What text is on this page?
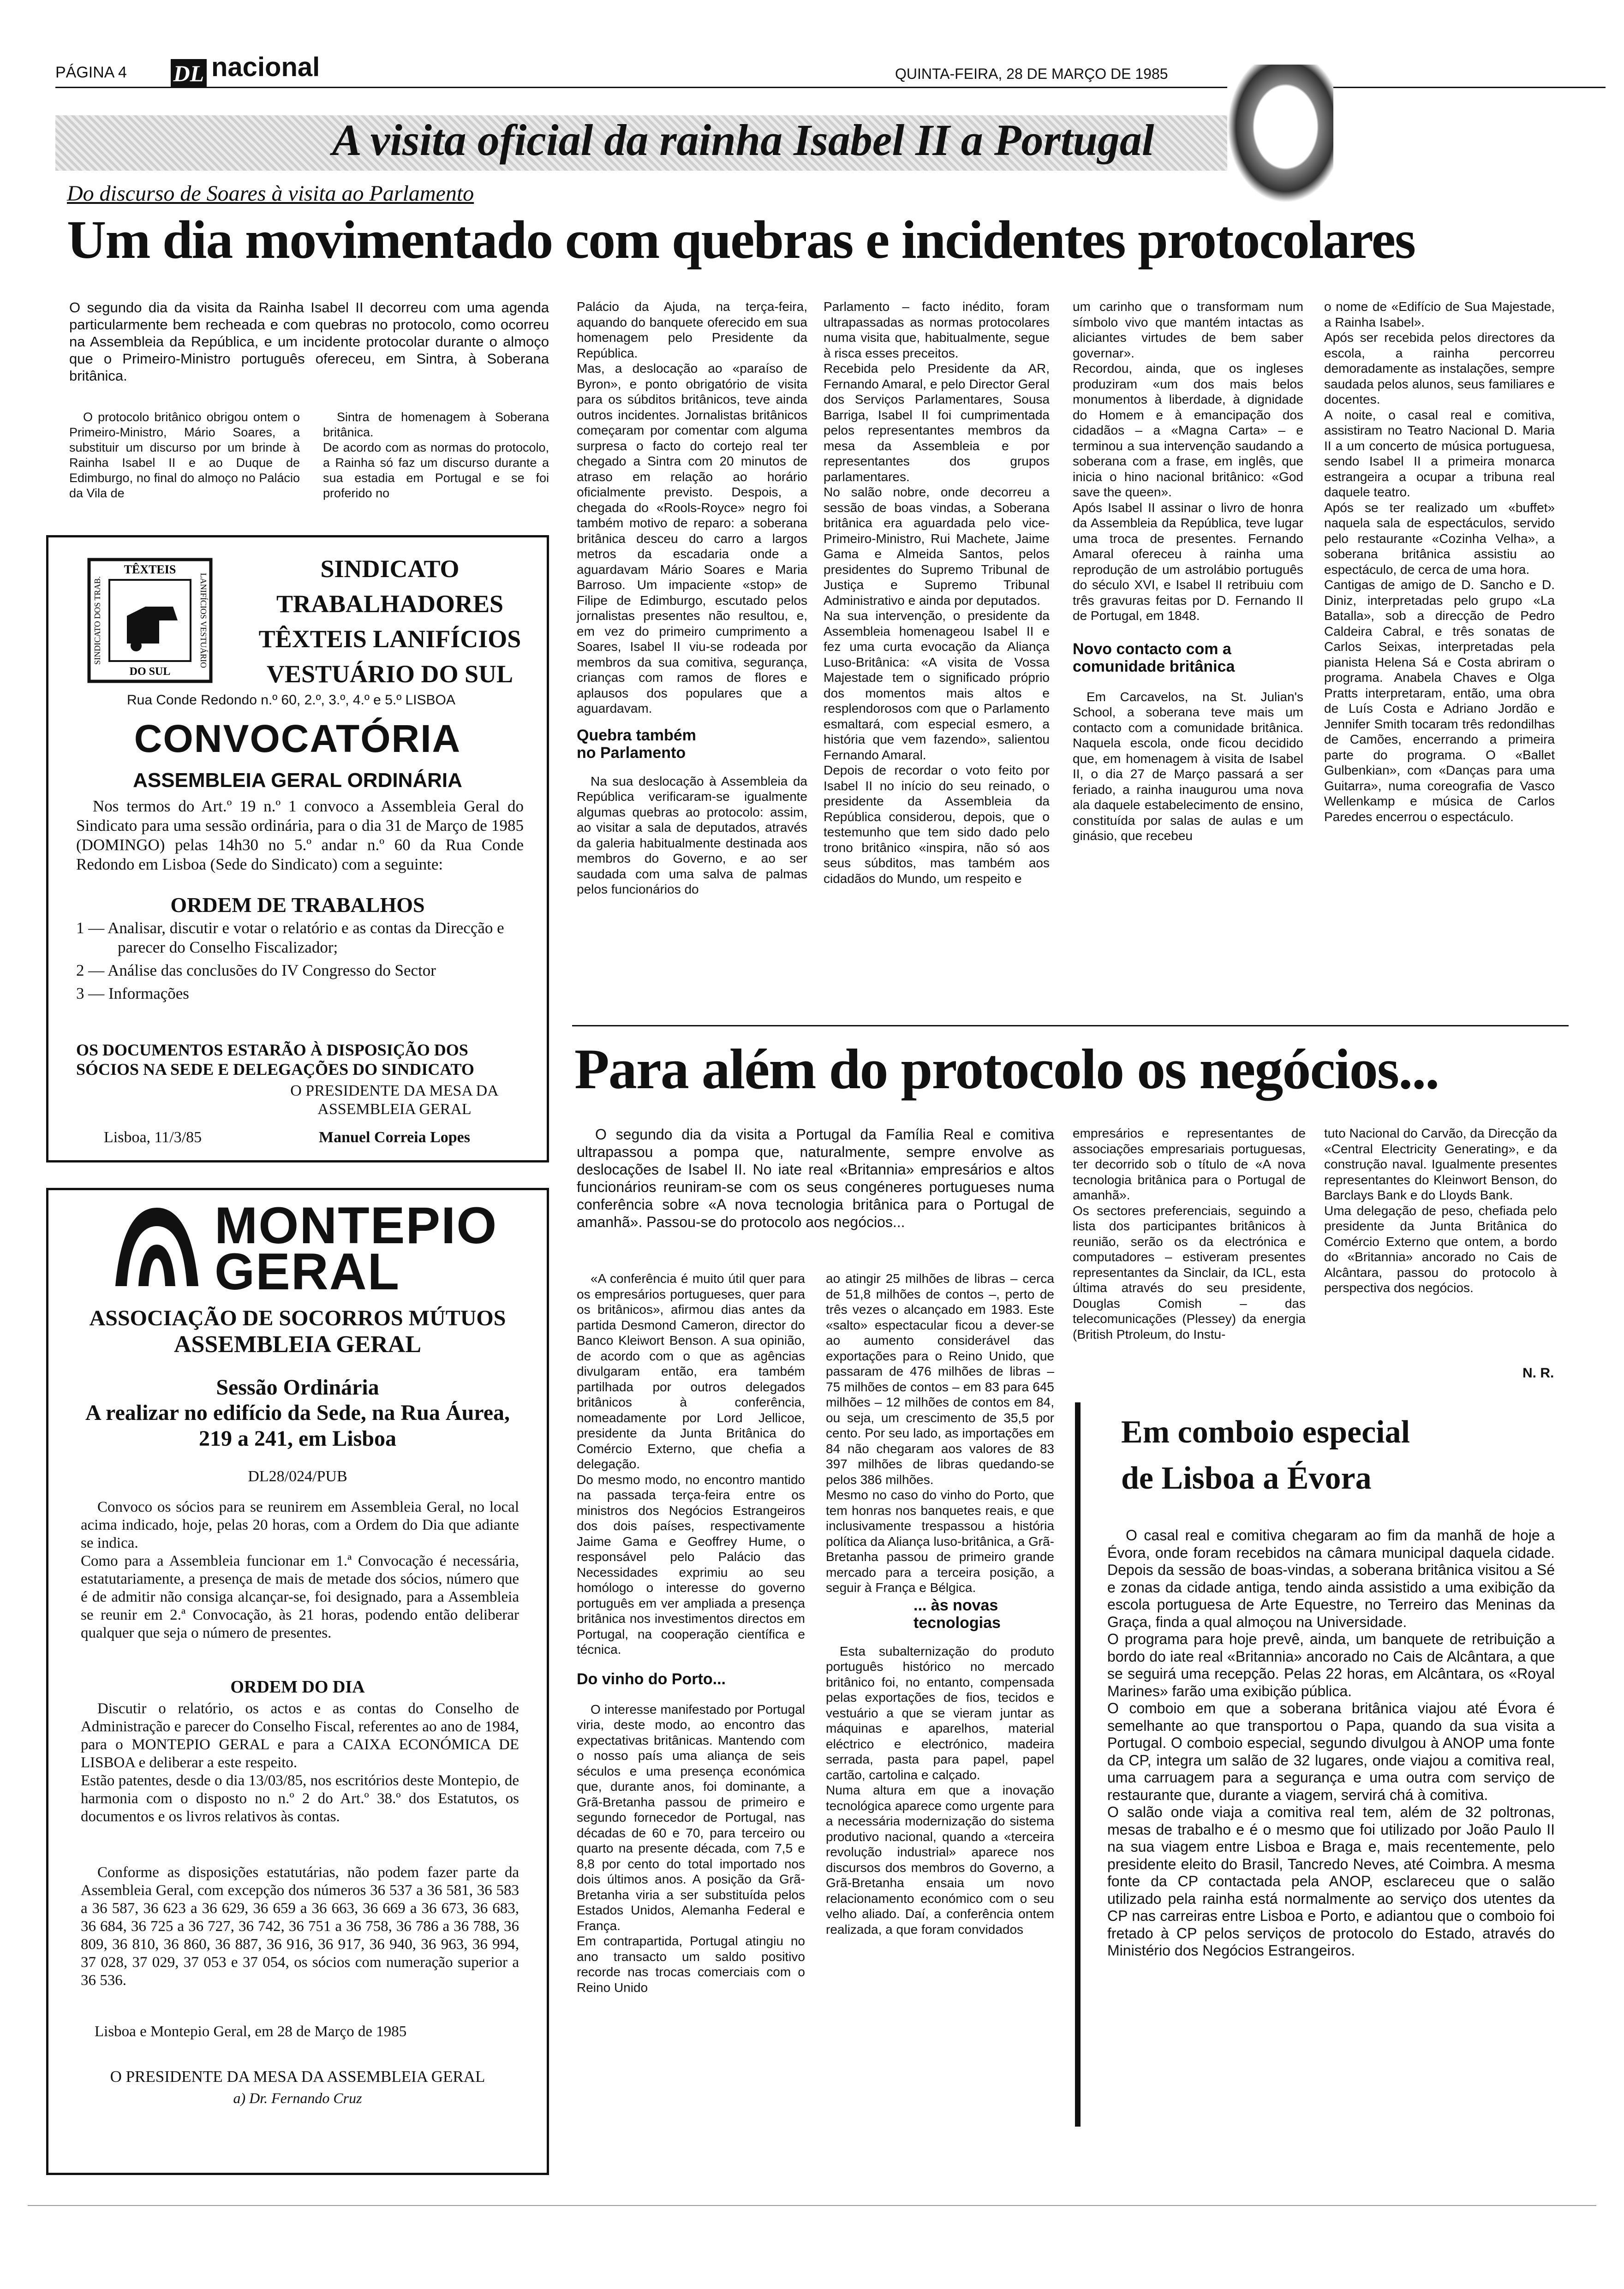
PÁGINA 4 DL nacional	QUINTA-FEIRA, 28 DE MARÇO DE 1985
A visita oficial da rainha Isabel II a Portugal
Do discurso de Soares à visita ao Parlamento
Um dia movimentado com quebras e incidentes protocolares

O segundo dia da visita da Rainha Isabel II decorreu com uma agenda particularmente bem recheada e com quebras no protocolo, como ocorreu na Assembleia da República, e um incidente protocolar durante o almoço que o Primeiro-Ministro português ofereceu, em Sintra, à Soberana britânica.

O protocolo britânico obrigou ontem o Primeiro-Ministro, Mário Soares, a substituir um discurso por um brinde à Rainha Isabel II e ao Duque de Edimburgo, no final do almoço no Palácio da Vila de

Sintra de homenagem à Soberana britânica.
De acordo com as normas do protocolo, a Rainha só faz um discurso durante a sua estadia em Portugal e se foi proferido no

Palácio da Ajuda, na terça-feira, aquando do banquete oferecido em sua homenagem pelo Presidente da República.
Mas, a deslocação ao «paraíso de Byron», e ponto obrigatório de visita para os súbditos britânicos, teve ainda outros incidentes. Jornalistas britânicos começaram por comentar com alguma surpresa o facto do cortejo real ter chegado a Sintra com 20 minutos de atraso em relação ao horário oficialmente previsto. Despois, a chegada do «Rools-Royce» negro foi também motivo de reparo: a soberana britânica desceu do carro a largos metros da escadaria onde a aguardavam Mário Soares e Maria Barroso. Um impaciente «stop» de Filipe de Edimburgo, escutado pelos jornalistas presentes não resultou, e, em vez do primeiro cumprimento a Soares, Isabel II viu-se rodeada por membros da sua comitiva, segurança, crianças com ramos de flores e aplausos dos populares que a aguardavam.

Quebra também no Parlamento

Na sua deslocação à Assembleia da República verificaram-se igualmente algumas quebras ao protocolo: assim, ao visitar a sala de deputados, através da galeria habitualmente destinada aos membros do Governo, e ao ser saudada com uma salva de palmas pelos funcionários do

Parlamento – facto inédito, foram ultrapassadas as normas protocolares numa visita que, habitualmente, segue à risca esses preceitos.
Recebida pelo Presidente da AR, Fernando Amaral, e pelo Director Geral dos Serviços Parlamentares, Sousa Barriga, Isabel II foi cumprimentada pelos representantes membros da mesa da Assembleia e por representantes dos grupos parlamentares.
No salão nobre, onde decorreu a sessão de boas vindas, a Soberana britânica era aguardada pelo vice-Primeiro-Ministro, Rui Machete, Jaime Gama e Almeida Santos, pelos presidentes do Supremo Tribunal de Justiça e Supremo Tribunal Administrativo e ainda por deputados.
Na sua intervenção, o presidente da Assembleia homenageou Isabel II e fez uma curta evocação da Aliança Luso-Britânica: «A visita de Vossa Majestade tem o significado próprio dos momentos mais altos e resplendorosos com que o Parlamento esmaltará, com especial esmero, a história que vem fazendo», salientou Fernando Amaral.
Depois de recordar o voto feito por Isabel II no início do seu reinado, o presidente da Assembleia da República considerou, depois, que o testemunho que tem sido dado pelo trono britânico «inspira, não só aos seus súbditos, mas também aos cidadãos do Mundo, um respeito e

um carinho que o transformam num símbolo vivo que mantém intactas as aliciantes virtudes de bem saber governar».
Recordou, ainda, que os ingleses produziram «um dos mais belos monumentos à liberdade, à dignidade do Homem e à emancipação dos cidadãos – a «Magna Carta» – e terminou a sua intervenção saudando a soberana com a frase, em inglês, que inicia o hino nacional britânico: «God save the queen».
Após Isabel II assinar o livro de honra da Assembleia da República, teve lugar uma troca de presentes. Fernando Amaral ofereceu à rainha uma reprodução de um astrolábio português do século XVI, e Isabel II retribuiu com três gravuras feitas por D. Fernando II de Portugal, em 1848.

Novo contacto com a comunidade britânica

Em Carcavelos, na St. Julian's School, a soberana teve mais um contacto com a comunidade britânica. Naquela escola, onde ficou decidido que, em homenagem à visita de Isabel II, o dia 27 de Março passará a ser feriado, a rainha inaugurou uma nova ala daquele estabelecimento de ensino, constituída por salas de aulas e um ginásio, que recebeu

o nome de «Edifício de Sua Majestade, a Rainha Isabel».
Após ser recebida pelos directores da escola, a rainha percorreu demoradamente as instalações, sempre saudada pelos alunos, seus familiares e docentes.
A noite, o casal real e comitiva, assistiram no Teatro Nacional D. Maria II a um concerto de música portuguesa, sendo Isabel II a primeira monarca estrangeira a ocupar a tribuna real daquele teatro.
Após se ter realizado um «buffet» naquela sala de espectáculos, servido pelo restaurante «Cozinha Velha», a soberana britânica assistiu ao espectáculo, de cerca de uma hora.
Cantigas de amigo de D. Sancho e D. Diniz, interpretadas pelo grupo «La Batalla», sob a direcção de Pedro Caldeira Cabral, e três sonatas de Carlos Seixas, interpretadas pela pianista Helena Sá e Costa abriram o programa. Anabela Chaves e Olga Pratts interpretaram, então, uma obra de Luís Costa e Adriano Jordão e Jennifer Smith tocaram três redondilhas de Camões, encerrando a primeira parte do programa. O «Ballet Gulbenkian», com «Danças para uma Guitarra», numa coreografia de Vasco Wellenkamp e música de Carlos Paredes encerrou o espectáculo.

TÊXTEIS
DO SUL
SINDICATO DOS TRAB.	LANIFÍCIOS VESTUÁRIO
SINDICATO
TRABALHADORES
TÊXTEIS LANIFÍCIOS
VESTUÁRIO DO SUL
Rua Conde Redondo n.º 60, 2.º, 3.º, 4.º e 5.º LISBOA
CONVOCATÓRIA
ASSEMBLEIA GERAL ORDINÁRIA

Nos termos do Art.º 19 n.º 1 convoco a Assembleia Geral do Sindicato para uma sessão ordinária, para o dia 31 de Março de 1985 (DOMINGO) pelas 14h30 no 5.º andar n.º 60 da Rua Conde Redondo em Lisboa (Sede do Sindicato) com a seguinte:

ORDEM DE TRABALHOS
1 — Analisar, discutir e votar o relatório e as contas da Direcção e parecer do Conselho Fiscalizador;
2 — Análise das conclusões do IV Congresso do Sector
3 — Informações

OS DOCUMENTOS ESTARÃO À DISPOSIÇÃO DOS SÓCIOS NA SEDE E DELEGAÇÕES DO SINDICATO

Lisboa, 11/3/85
O PRESIDENTE DA MESA DA ASSEMBLEIA GERAL
Manuel Correia Lopes
MONTEPIO
GERAL
ASSOCIAÇÃO DE SOCORROS MÚTUOS
ASSEMBLEIA GERAL
Sessão Ordinária
A realizar no edifício da Sede, na Rua Áurea, 219 a 241, em Lisboa
DL28/024/PUB

Convoco os sócios para se reunirem em Assembleia Geral, no local acima indicado, hoje, pelas 20 horas, com a Ordem do Dia que adiante se indica.
Como para a Assembleia funcionar em 1.ª Convocação é necessária, estatutariamente, a presença de mais de metade dos sócios, número que é de admitir não consiga alcançar-se, foi designado, para a Assembleia se reunir em 2.ª Convocação, às 21 horas, podendo então deliberar qualquer que seja o número de presentes.

ORDEM DO DIA

Discutir o relatório, os actos e as contas do Conselho de Administração e parecer do Conselho Fiscal, referentes ao ano de 1984, para o MONTEPIO GERAL e para a CAIXA ECONÓMICA DE LISBOA e deliberar a este respeito.
Estão patentes, desde o dia 13/03/85, nos escritórios deste Montepio, de harmonia com o disposto no n.º 2 do Art.º 38.º dos Estatutos, os documentos e os livros relativos às contas.

Conforme as disposições estatutárias, não podem fazer parte da Assembleia Geral, com excepção dos números 36 537 a 36 581, 36 583 a 36 587, 36 623 a 36 629, 36 659 a 36 663, 36 669 a 36 673, 36 683, 36 684, 36 725 a 36 727, 36 742, 36 751 a 36 758, 36 786 a 36 788, 36 809, 36 810, 36 860, 36 887, 36 916, 36 917, 36 940, 36 963, 36 994, 37 028, 37 029, 37 053 e 37 054, os sócios com numeração superior a 36 536.

Lisboa e Montepio Geral, em 28 de Março de 1985
O PRESIDENTE DA MESA DA ASSEMBLEIA GERAL
a) Dr. Fernando Cruz
Para além do protocolo os negócios...

O segundo dia da visita a Portugal da Família Real e comitiva ultrapassou a pompa que, naturalmente, sempre envolve as deslocações de Isabel II. No iate real «Britannia» empresários e altos funcionários reuniram-se com os seus congéneres portugueses numa conferência sobre «A nova tecnologia britânica para o Portugal de amanhã». Passou-se do protocolo aos negócios...

«A conferência é muito útil quer para os empresários portugueses, quer para os britânicos», afirmou dias antes da partida Desmond Cameron, director do Banco Kleiwort Benson. A sua opinião, de acordo com o que as agências divulgaram então, era também partilhada por outros delegados britânicos à conferência, nomeadamente por Lord Jellicoe, presidente da Junta Britânica do Comércio Externo, que chefia a delegação.
Do mesmo modo, no encontro mantido na passada terça-feira entre os ministros dos Negócios Estrangeiros dos dois países, respectivamente Jaime Gama e Geoffrey Hume, o responsável pelo Palácio das Necessidades exprimiu ao seu homólogo o interesse do governo português em ver ampliada a presença britânica nos investimentos directos em Portugal, na cooperação científica e técnica.

Do vinho do Porto...

O interesse manifestado por Portugal viria, deste modo, ao encontro das expectativas britânicas. Mantendo com o nosso país uma aliança de seis séculos e uma presença económica que, durante anos, foi dominante, a Grã-Bretanha passou de primeiro e segundo fornecedor de Portugal, nas décadas de 60 e 70, para terceiro ou quarto na presente década, com 7,5 e 8,8 por cento do total importado nos dois últimos anos. A posição da Grã-Bretanha viria a ser substituída pelos Estados Unidos, Alemanha Federal e França.
Em contrapartida, Portugal atingiu no ano transacto um saldo positivo recorde nas trocas comerciais com o Reino Unido

ao atingir 25 milhões de libras – cerca de 51,8 milhões de contos –, perto de três vezes o alcançado em 1983. Este «salto» espectacular ficou a dever-se ao aumento considerável das exportações para o Reino Unido, que passaram de 476 milhões de libras – 75 milhões de contos – em 83 para 645 milhões – 12 milhões de contos em 84, ou seja, um crescimento de 35,5 por cento. Por seu lado, as importações em 84 não chegaram aos valores de 83 397 milhões de libras quedando-se pelos 386 milhões.
Mesmo no caso do vinho do Porto, que tem honras nos banquetes reais, e que inclusivamente trespassou a história política da Aliança luso-britânica, a Grã-Bretanha passou de primeiro grande mercado para a terceira posição, a seguir à França e Bélgica.

... às novas tecnologias

Esta subalternização do produto português histórico no mercado britânico foi, no entanto, compensada pelas exportações de fios, tecidos e vestuário a que se vieram juntar as máquinas e aparelhos, material eléctrico e electrónico, madeira serrada, pasta para papel, papel cartão, cartolina e calçado.
Numa altura em que a inovação tecnológica aparece como urgente para a necessária modernização do sistema produtivo nacional, quando a «terceira revolução industrial» aparece nos discursos dos membros do Governo, a Grã-Bretanha ensaia um novo relacionamento económico com o seu velho aliado. Daí, a conferência ontem realizada, a que foram convidados

empresários e representantes de associações empresariais portuguesas, ter decorrido sob o título de «A nova tecnologia britânica para o Portugal de amanhã».
Os sectores preferenciais, seguindo a lista dos participantes britânicos à reunião, serão os da electrónica e computadores – estiveram presentes representantes da Sinclair, da ICL, esta última através do seu presidente, Douglas Comish – das telecomunicações (Plessey) da energia (British Ptroleum, do Instu-

tuto Nacional do Carvão, da Direcção da «Central Electricity Generating», e da construção naval. Igualmente presentes representantes do Kleinwort Benson, do Barclays Bank e do Lloyds Bank.
Uma delegação de peso, chefiada pelo presidente da Junta Britânica do Comércio Externo que ontem, a bordo do «Britannia» ancorado no Cais de Alcântara, passou do protocolo à perspectiva dos negócios.

N. R.
Em comboio especial
de Lisboa a Évora

O casal real e comitiva chegaram ao fim da manhã de hoje a Évora, onde foram recebidos na câmara municipal daquela cidade. Depois da sessão de boas-vindas, a soberana britânica visitou a Sé e zonas da cidade antiga, tendo ainda assistido a uma exibição da escola portuguesa de Arte Equestre, no Terreiro das Meninas da Graça, finda a qual almoçou na Universidade.
O programa para hoje prevê, ainda, um banquete de retribuição a bordo do iate real «Britannia» ancorado no Cais de Alcântara, a que se seguirá uma recepção. Pelas 22 horas, em Alcântara, os «Royal Marines» farão uma exibição pública.
O comboio em que a soberana britânica viajou até Évora é semelhante ao que transportou o Papa, quando da sua visita a Portugal. O comboio especial, segundo divulgou à ANOP uma fonte da CP, integra um salão de 32 lugares, onde viajou a comitiva real, uma carruagem para a segurança e uma outra com serviço de restaurante que, durante a viagem, servirá chá à comitiva.
O salão onde viaja a comitiva real tem, além de 32 poltronas, mesas de trabalho e é o mesmo que foi utilizado por João Paulo II na sua viagem entre Lisboa e Braga e, mais recentemente, pelo presidente eleito do Brasil, Tancredo Neves, até Coimbra. A mesma fonte da CP contactada pela ANOP, esclareceu que o salão utilizado pela rainha está normalmente ao serviço dos utentes da CP nas carreiras entre Lisboa e Porto, e adiantou que o comboio foi fretado à CP pelos serviços de protocolo do Estado, através do Ministério dos Negócios Estrangeiros.
